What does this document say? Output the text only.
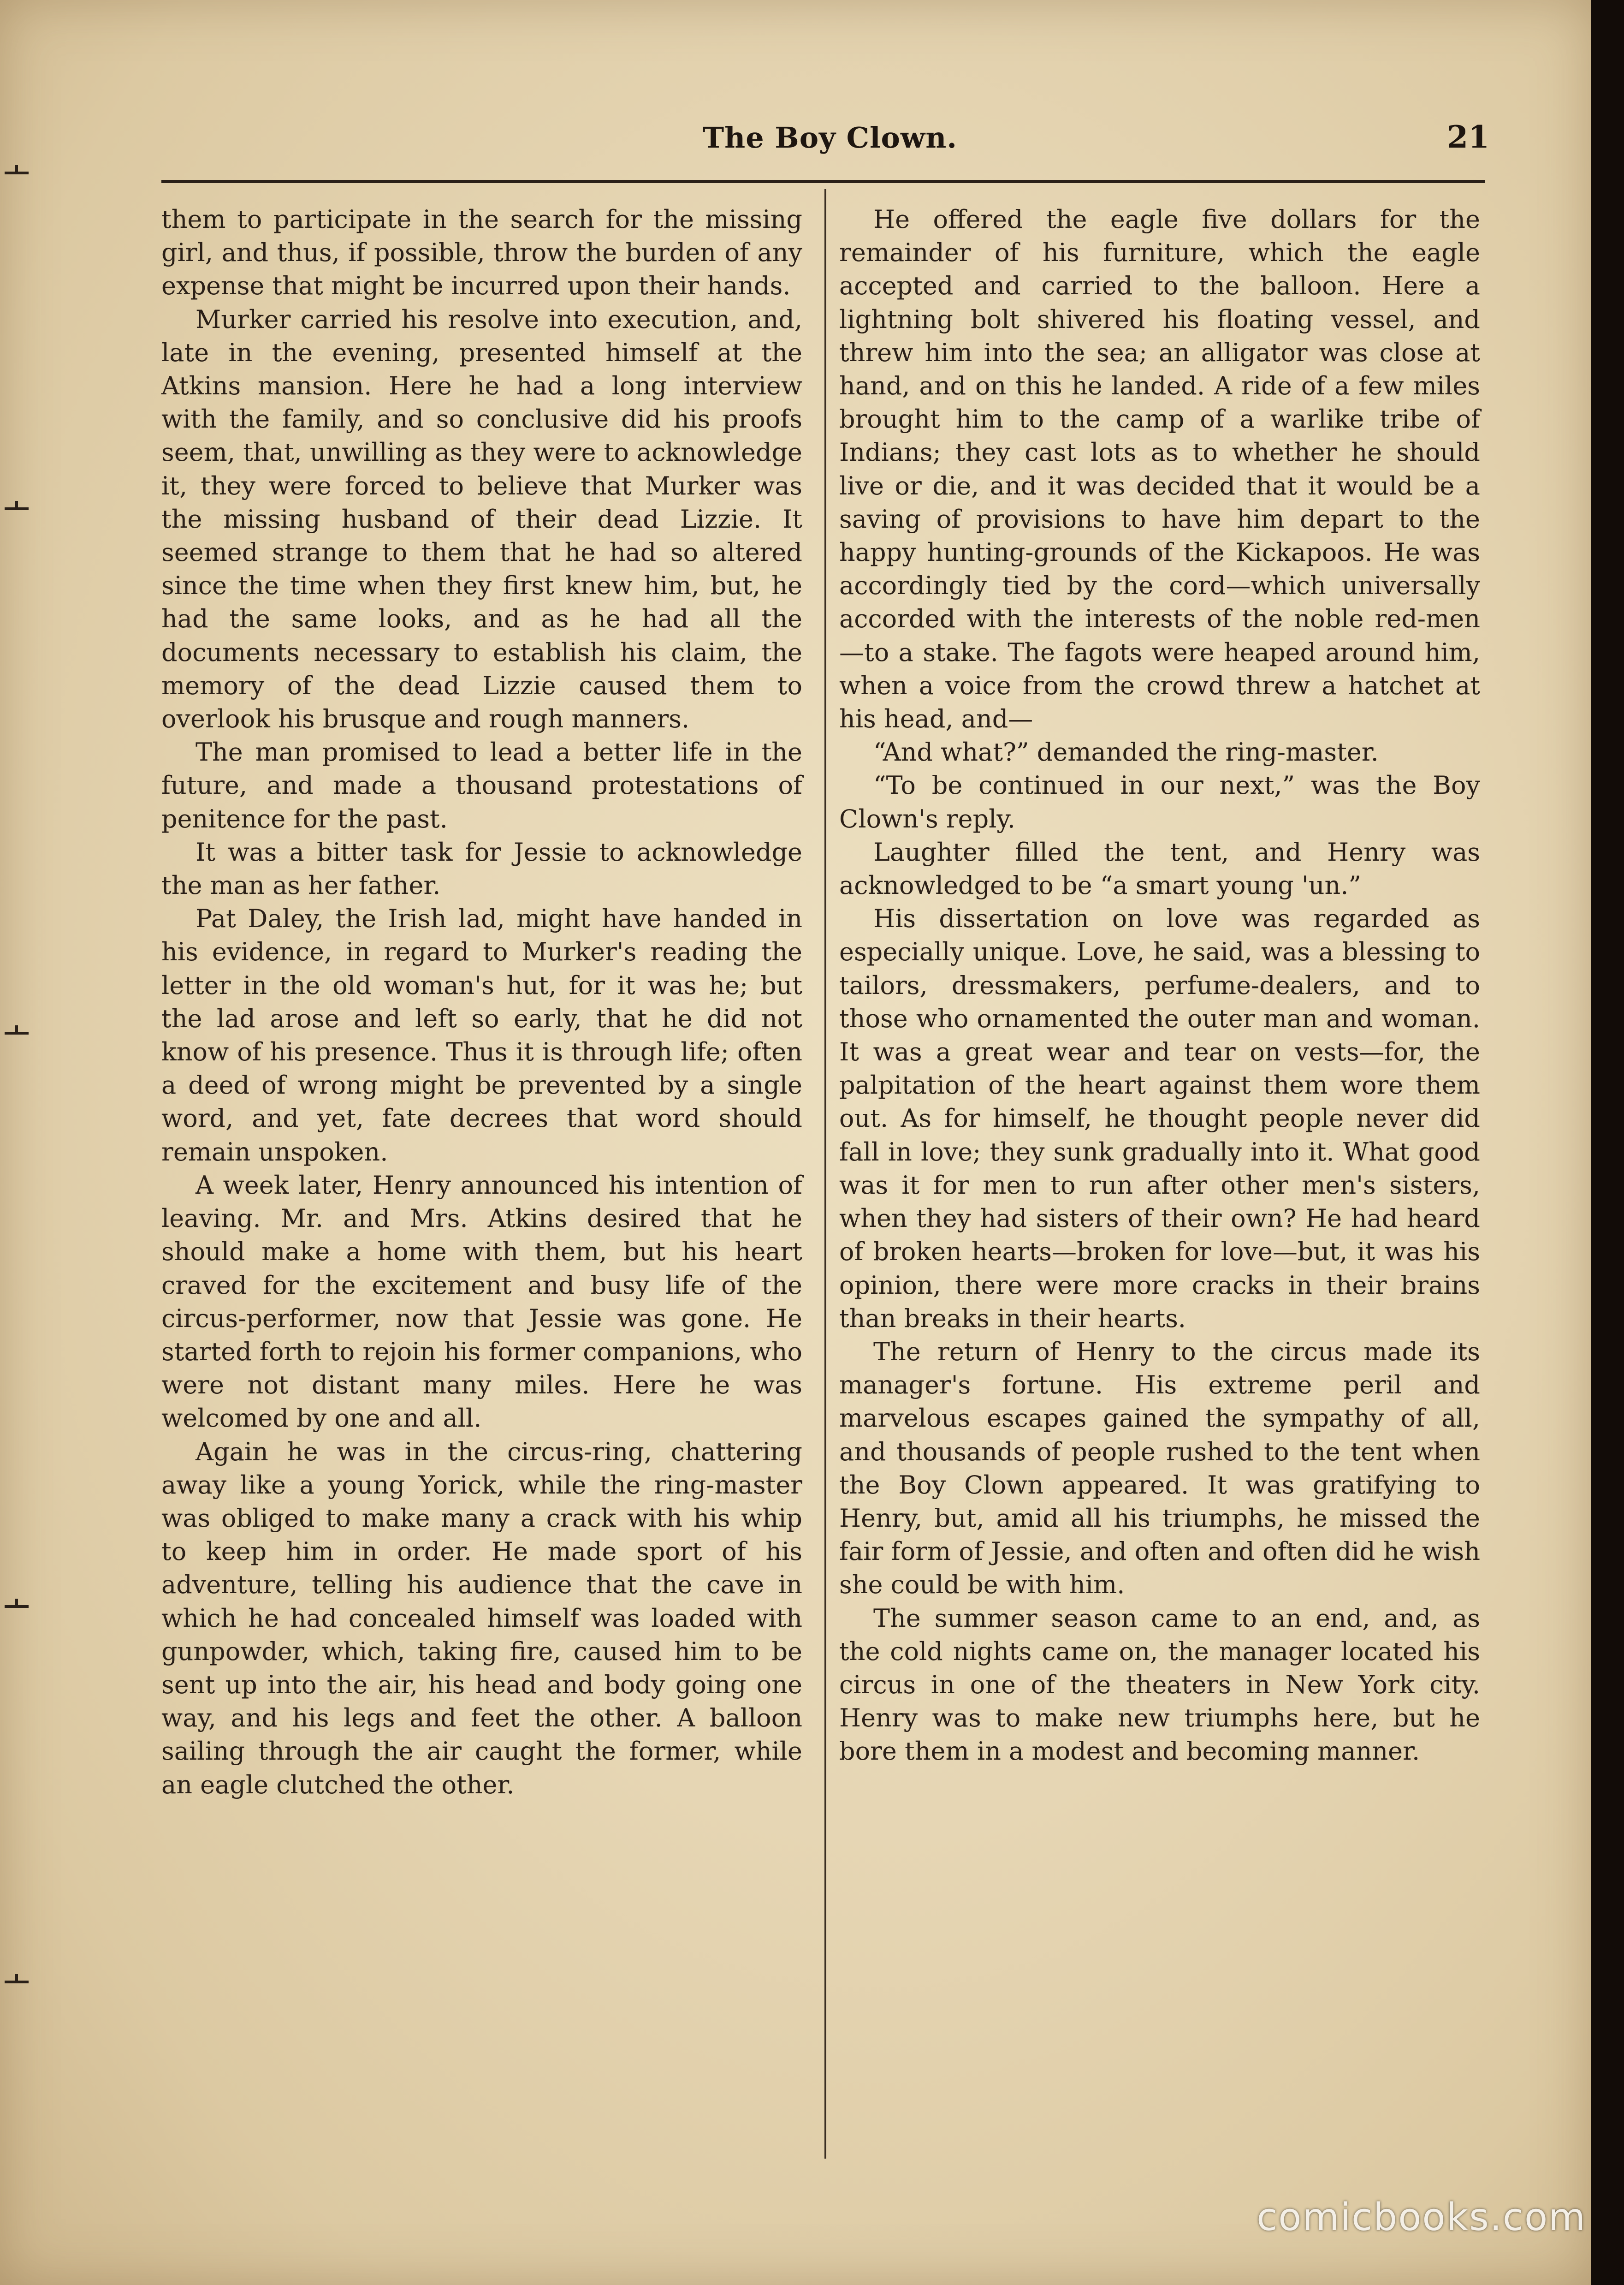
The Boy Clown.	21

them to participate in the search for the missing girl, and thus, if possible, throw the burden of any expense that might be incurred upon their hands.

Murker carried his resolve into execution, and, late in the evening, presented himself at the Atkins mansion. Here he had a long interview with the family, and so conclusive did his proofs seem, that, unwilling as they were to acknowledge it, they were forced to believe that Murker was the missing husband of their dead Lizzie. It seemed strange to them that he had so altered since the time when they first knew him, but, he had the same looks, and as he had all the documents necessary to establish his claim, the memory of the dead Lizzie caused them to overlook his brusque and rough manners.

The man promised to lead a better life in the future, and made a thousand protestations of penitence for the past.

It was a bitter task for Jessie to acknowledge the man as her father.

Pat Daley, the Irish lad, might have handed in his evidence, in regard to Murker's reading the letter in the old woman's hut, for it was he; but the lad arose and left so early, that he did not know of his presence. Thus it is through life; often a deed of wrong might be prevented by a single word, and yet, fate decrees that word should remain unspoken.

A week later, Henry announced his intention of leaving. Mr. and Mrs. Atkins desired that he should make a home with them, but his heart craved for the excitement and busy life of the circus-performer, now that Jessie was gone. He started forth to rejoin his former companions, who were not distant many miles. Here he was welcomed by one and all.

Again he was in the circus-ring, chattering away like a young Yorick, while the ring-master was obliged to make many a crack with his whip to keep him in order. He made sport of his adventure, telling his audience that the cave in which he had concealed himself was loaded with gunpowder, which, taking fire, caused him to be sent up into the air, his head and body going one way, and his legs and feet the other. A balloon sailing through the air caught the former, while an eagle clutched the other.

He offered the eagle five dollars for the remainder of his furniture, which the eagle accepted and carried to the balloon. Here a lightning bolt shivered his floating vessel, and threw him into the sea; an alligator was close at hand, and on this he landed. A ride of a few miles brought him to the camp of a warlike tribe of Indians; they cast lots as to whether he should live or die, and it was decided that it would be a saving of provisions to have him depart to the happy hunting-grounds of the Kickapoos. He was accordingly tied by the cord—which universally accorded with the interests of the noble red-men—to a stake. The fagots were heaped around him, when a voice from the crowd threw a hatchet at his head, and—

“And what?” demanded the ring-master.

“To be continued in our next,” was the Boy Clown's reply.

Laughter filled the tent, and Henry was acknowledged to be “a smart young 'un.”

His dissertation on love was regarded as especially unique. Love, he said, was a blessing to tailors, dressmakers, perfume-dealers, and to those who ornamented the outer man and woman. It was a great wear and tear on vests—for, the palpitation of the heart against them wore them out. As for himself, he thought people never did fall in love; they sunk gradually into it. What good was it for men to run after other men's sisters, when they had sisters of their own? He had heard of broken hearts—broken for love—but, it was his opinion, there were more cracks in their brains than breaks in their hearts.

The return of Henry to the circus made its manager's fortune. His extreme peril and marvelous escapes gained the sympathy of all, and thousands of people rushed to the tent when the Boy Clown appeared. It was gratifying to Henry, but, amid all his triumphs, he missed the fair form of Jessie, and often and often did he wish she could be with him.

The summer season came to an end, and, as the cold nights came on, the manager located his circus in one of the theaters in New York city. Henry was to make new triumphs here, but he bore them in a modest and becoming manner.

comicbooks.com
